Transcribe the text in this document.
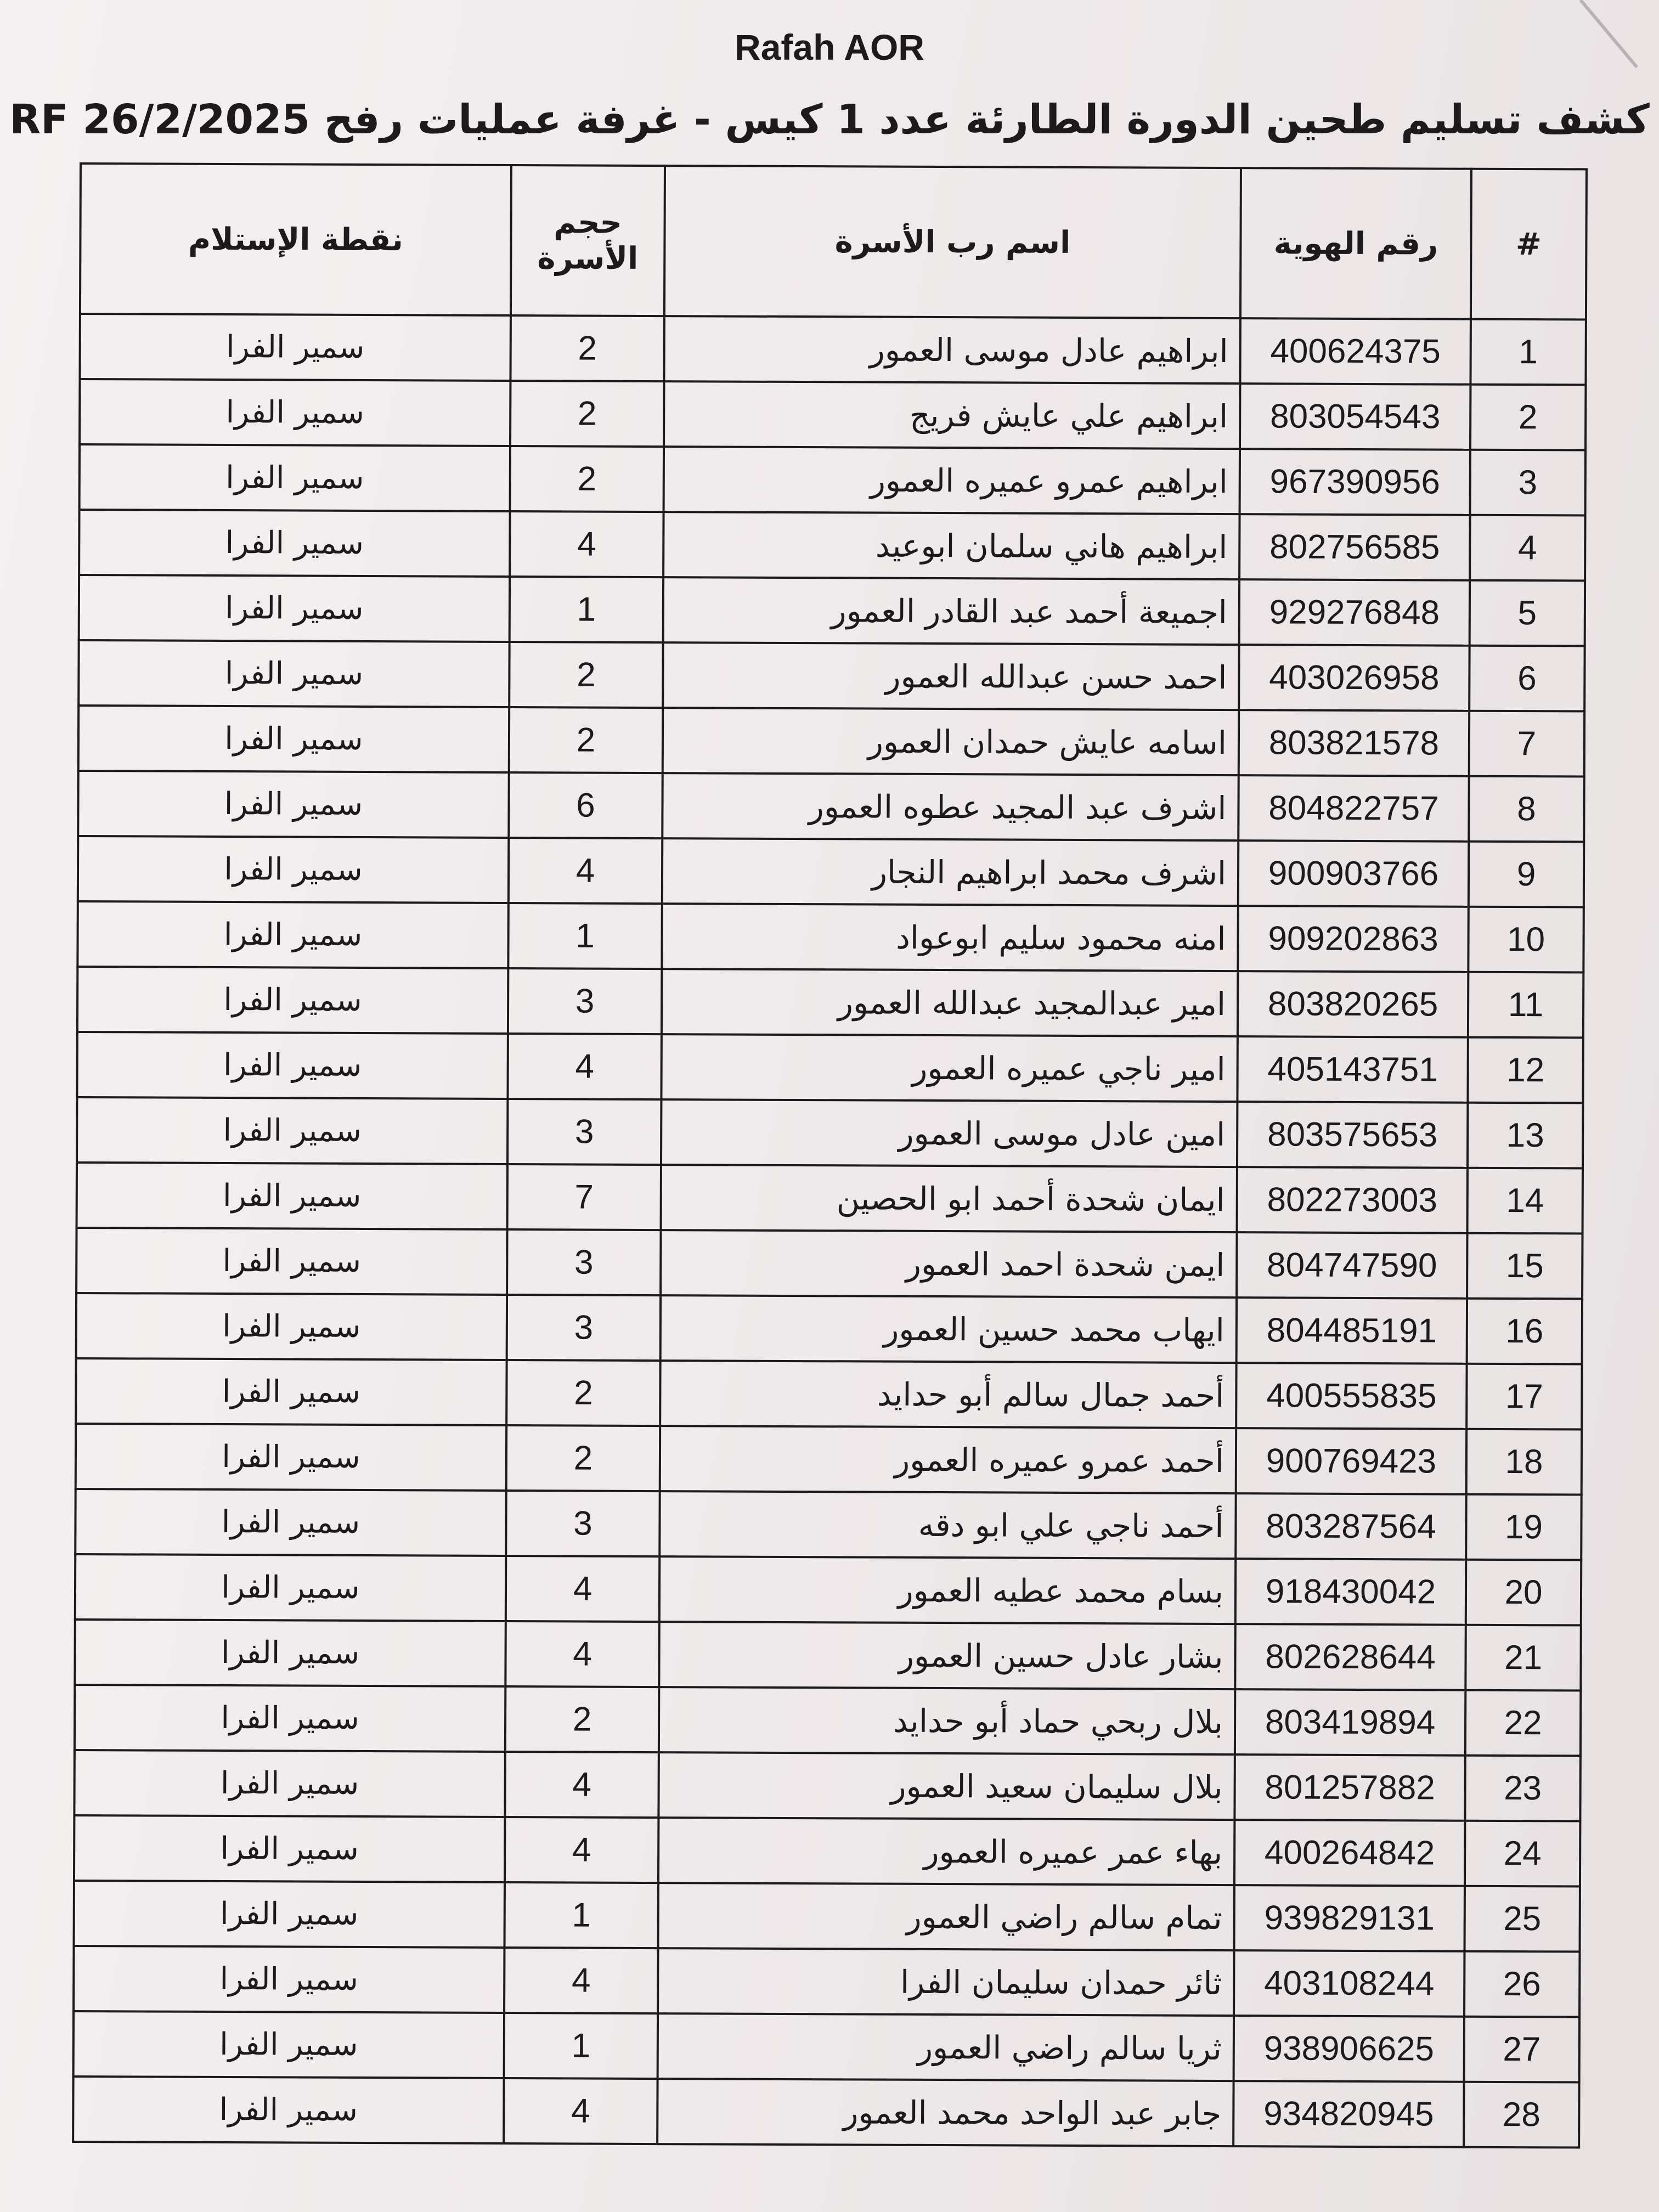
Rafah AOR
كشف تسليم طحين الدورة الطارئة عدد 1 كيس - غرفة عمليات رفح RF 26/2/2025
#	رقم الهوية	اسم رب الأسرة	حجم الأسرة	نقطة الإستلام
1	400624375	ابراهيم عادل موسى العمور	2	سمير الفرا
2	803054543	ابراهيم علي عايش فريج	2	سمير الفرا
3	967390956	ابراهيم عمرو عميره العمور	2	سمير الفرا
4	802756585	ابراهيم هاني سلمان ابوعيد	4	سمير الفرا
5	929276848	اجميعة أحمد عبد القادر العمور	1	سمير الفرا
6	403026958	احمد حسن عبدالله العمور	2	سمير الفرا
7	803821578	اسامه عايش حمدان العمور	2	سمير الفرا
8	804822757	اشرف عبد المجيد عطوه العمور	6	سمير الفرا
9	900903766	اشرف محمد ابراهيم النجار	4	سمير الفرا
10	909202863	امنه محمود سليم ابوعواد	1	سمير الفرا
11	803820265	امير عبدالمجيد عبدالله العمور	3	سمير الفرا
12	405143751	امير ناجي عميره العمور	4	سمير الفرا
13	803575653	امين عادل موسى العمور	3	سمير الفرا
14	802273003	ايمان شحدة أحمد ابو الحصين	7	سمير الفرا
15	804747590	ايمن شحدة احمد العمور	3	سمير الفرا
16	804485191	ايهاب محمد حسين العمور	3	سمير الفرا
17	400555835	أحمد جمال سالم أبو حدايد	2	سمير الفرا
18	900769423	أحمد عمرو عميره العمور	2	سمير الفرا
19	803287564	أحمد ناجي علي ابو دقه	3	سمير الفرا
20	918430042	بسام محمد عطيه العمور	4	سمير الفرا
21	802628644	بشار عادل حسين العمور	4	سمير الفرا
22	803419894	بلال ربحي حماد أبو حدايد	2	سمير الفرا
23	801257882	بلال سليمان سعيد العمور	4	سمير الفرا
24	400264842	بهاء عمر عميره العمور	4	سمير الفرا
25	939829131	تمام سالم راضي العمور	1	سمير الفرا
26	403108244	ثائر حمدان سليمان الفرا	4	سمير الفرا
27	938906625	ثريا سالم راضي العمور	1	سمير الفرا
28	934820945	جابر عبد الواحد محمد العمور	4	سمير الفرا
